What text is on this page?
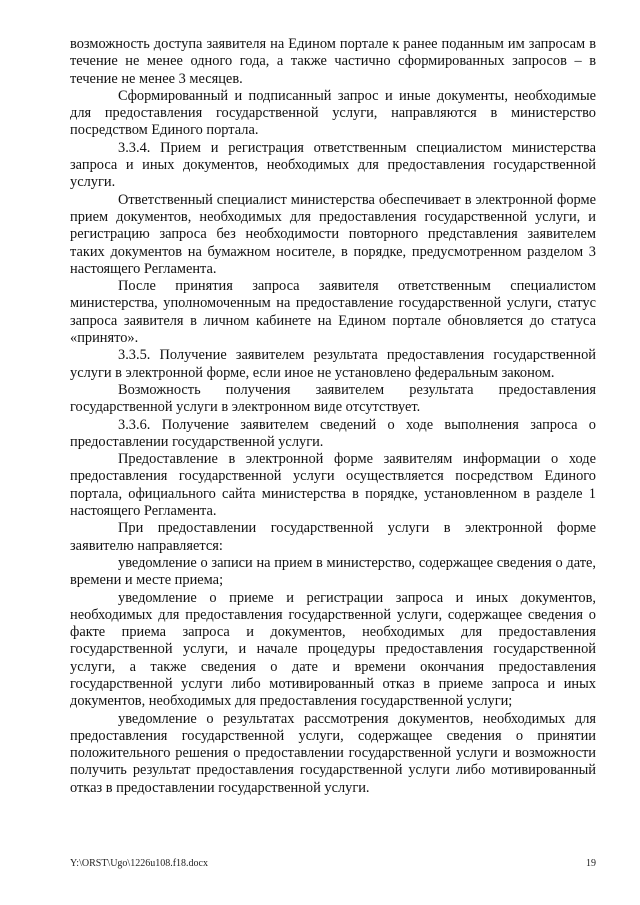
возможность доступа заявителя на Едином портале к ранее поданным им запросам в течение не менее одного года, а также частично сформированных запросов – в течение не менее 3 месяцев.

Сформированный и подписанный запрос и иные документы, необходимые для предоставления государственной услуги, направляются в министерство посредством Единого портала.

3.3.4. Прием и регистрация ответственным специалистом министерства запроса и иных документов, необходимых для предоставления государственной услуги.

Ответственный специалист министерства обеспечивает в электронной форме прием документов, необходимых для предоставления государственной услуги, и регистрацию запроса без необходимости повторного представления заявителем таких документов на бумажном носителе, в порядке, предусмотренном разделом 3 настоящего Регламента.

После принятия запроса заявителя ответственным специалистом министерства, уполномоченным на предоставление государственной услуги, статус запроса заявителя в личном кабинете на Едином портале обновляется до статуса «принято».

3.3.5. Получение заявителем результата предоставления государственной услуги в электронной форме, если иное не установлено федеральным законом.

Возможность получения заявителем результата предоставления государственной услуги в электронном виде отсутствует.

3.3.6. Получение заявителем сведений о ходе выполнения запроса о предоставлении государственной услуги.

Предоставление в электронной форме заявителям информации о ходе предоставления государственной услуги осуществляется посредством Единого портала, официального сайта министерства в порядке, установленном в разделе 1 настоящего Регламента.

При предоставлении государственной услуги в электронной форме заявителю направляется:

уведомление о записи на прием в министерство, содержащее сведения о дате, времени и месте приема;

уведомление о приеме и регистрации запроса и иных документов, необходимых для предоставления государственной услуги, содержащее сведения о факте приема запроса и документов, необходимых для предоставления государственной услуги, и начале процедуры предоставления государственной услуги, а также сведения о дате и времени окончания предоставления государственной услуги либо мотивированный отказ в приеме запроса и иных документов, необходимых для предоставления государственной услуги;

уведомление о результатах рассмотрения документов, необходимых для предоставления государственной услуги, содержащее сведения о принятии положительного решения о предоставлении государственной услуги и возможности получить результат предоставления государственной услуги либо мотивированный отказ в предоставлении государственной услуги.

Y:\ORST\Ugo\1226u108.f18.docx	19
